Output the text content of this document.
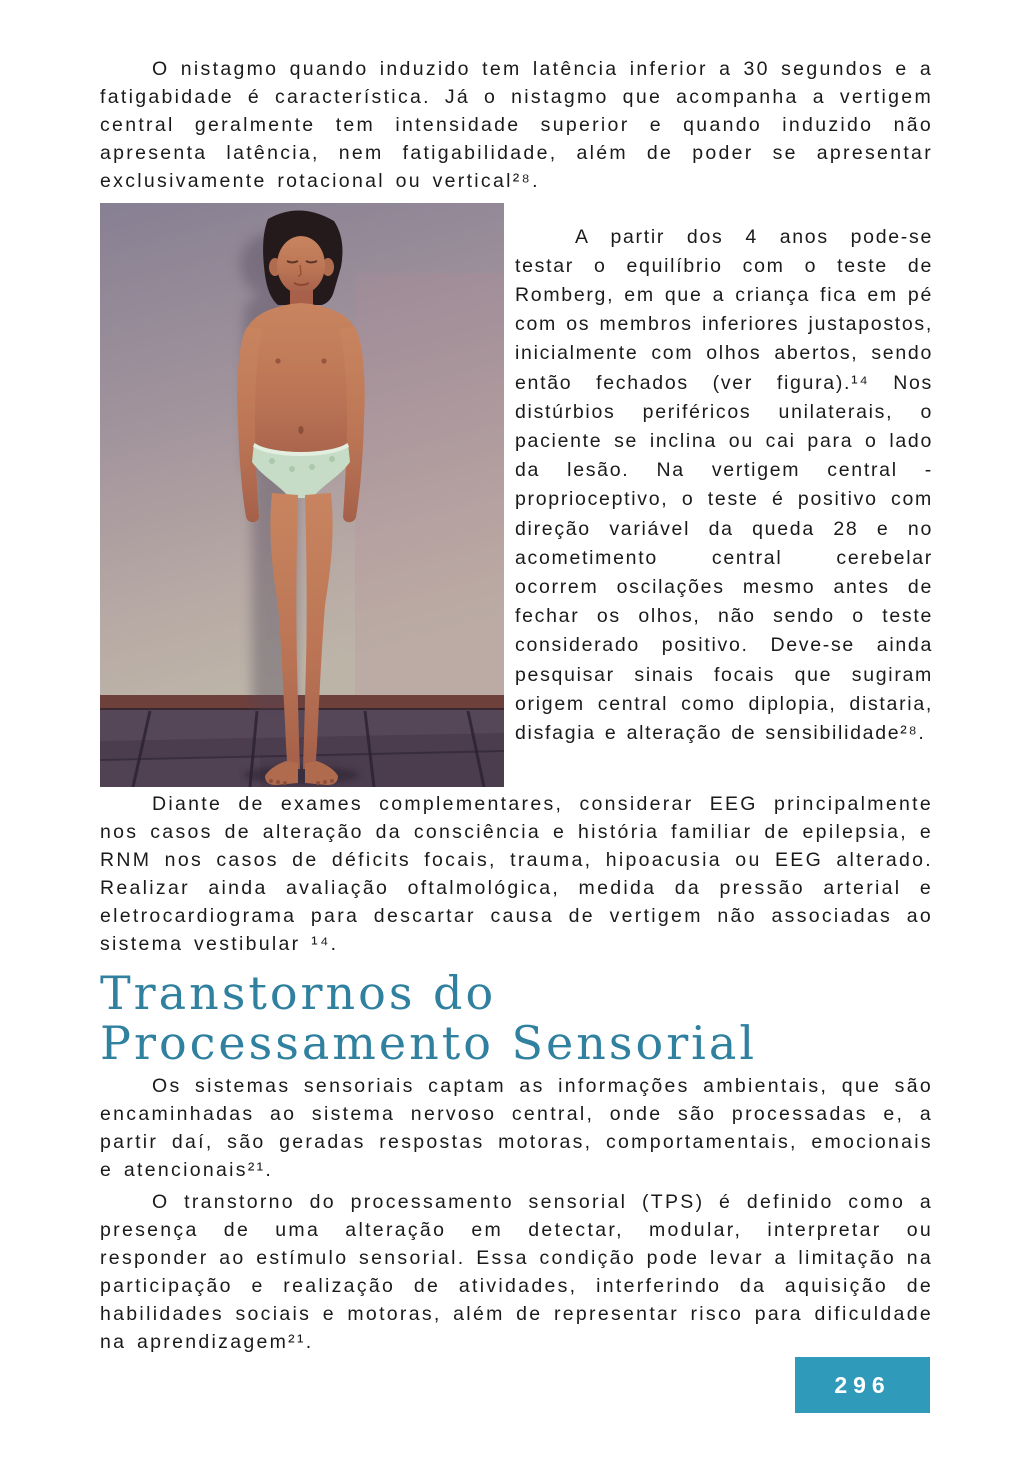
O nistagmo quando induzido tem latência inferior a 30 segundos e a fatigabidade é característica. Já o nistagmo que acompanha a vertigem central geralmente tem intensidade superior e quando induzido não apresenta latência, nem fatigabilidade, além de poder se apresentar exclusivamente rotacional ou vertical²⁸.

A partir dos 4 anos pode-se testar o equilíbrio com o teste de Romberg, em que a criança fica em pé com os membros inferiores justapostos, inicialmente com olhos abertos, sendo então fechados (ver figura).¹⁴ Nos distúrbios periféricos unilaterais, o paciente se inclina ou cai para o lado da lesão. Na vertigem central -proprioceptivo, o teste é positivo com direção variável da queda 28 e no acometimento central cerebelar ocorrem oscilações mesmo antes de fechar os olhos, não sendo o teste considerado positivo. Deve-se ainda pesquisar sinais focais que sugiram origem central como diplopia, distaria, disfagia e alteração de sensibilidade²⁸.

Diante de exames complementares, considerar EEG principalmente nos casos de alteração da consciência e história familiar de epilepsia, e RNM nos casos de déficits focais, trauma, hipoacusia ou EEG alterado. Realizar ainda avaliação oftalmológica, medida da pressão arterial e eletrocardiograma para descartar causa de vertigem não associadas ao sistema vestibular ¹⁴.

Transtornos do
Processamento Sensorial

Os sistemas sensoriais captam as informações ambientais, que são encaminhadas ao sistema nervoso central, onde são processadas e, a partir daí, são geradas respostas motoras, comportamentais, emocionais e atencionais²¹.

O transtorno do processamento sensorial (TPS) é definido como a presença de uma alteração em detectar, modular, interpretar ou responder ao estímulo sensorial. Essa condição pode levar a limitação na participação e realização de atividades, interferindo da aquisição de habilidades sociais e motoras, além de representar risco para dificuldade na aprendizagem²¹.

296
